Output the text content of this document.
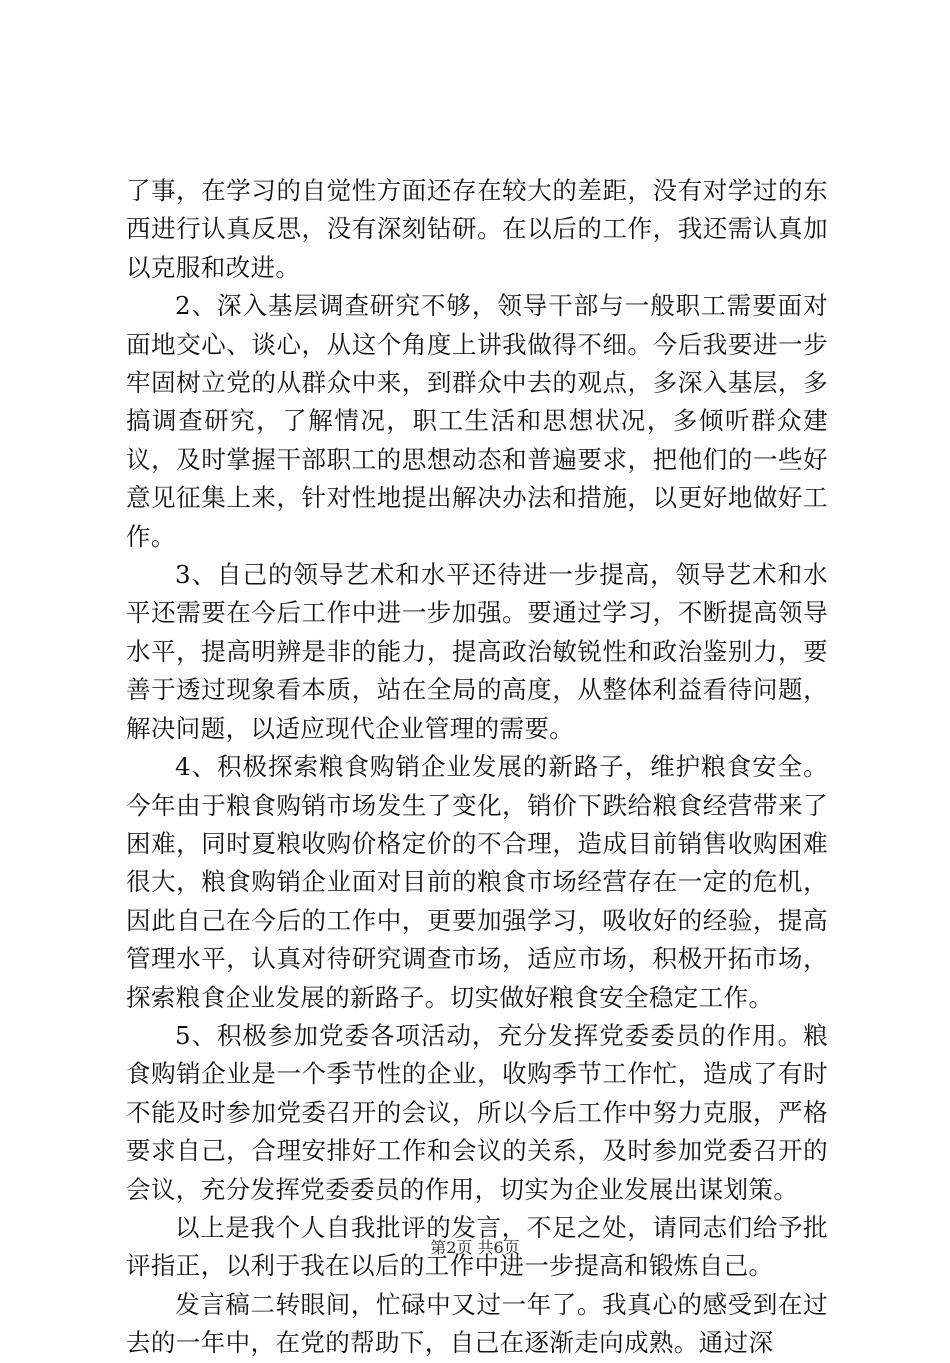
了事，在学习的自觉性方面还存在较大的差距，没有对学过的东西进行认真反思，没有深刻钻研。在以后的工作，我还需认真加以克服和改进。

2、深入基层调查研究不够，领导干部与一般职工需要面对面地交心、谈心，从这个角度上讲我做得不细。今后我要进一步牢固树立党的从群众中来，到群众中去的观点，多深入基层，多搞调查研究，了解情况，职工生活和思想状况，多倾听群众建议，及时掌握干部职工的思想动态和普遍要求，把他们的一些好意见征集上来，针对性地提出解决办法和措施，以更好地做好工作。

3、自己的领导艺术和水平还待进一步提高，领导艺术和水平还需要在今后工作中进一步加强。要通过学习，不断提高领导水平，提高明辨是非的能力，提高政治敏锐性和政治鉴别力，要善于透过现象看本质，站在全局的高度，从整体利益看待问题，解决问题，以适应现代企业管理的需要。

4、积极探索粮食购销企业发展的新路子，维护粮食安全。今年由于粮食购销市场发生了变化，销价下跌给粮食经营带来了困难，同时夏粮收购价格定价的不合理，造成目前销售收购困难很大，粮食购销企业面对目前的粮食市场经营存在一定的危机，因此自己在今后的工作中，更要加强学习，吸收好的经验，提高管理水平，认真对待研究调查市场，适应市场，积极开拓市场，探索粮食企业发展的新路子。切实做好粮食安全稳定工作。

5、积极参加党委各项活动，充分发挥党委委员的作用。粮食购销企业是一个季节性的企业，收购季节工作忙，造成了有时不能及时参加党委召开的会议，所以今后工作中努力克服，严格要求自己，合理安排好工作和会议的关系，及时参加党委召开的会议，充分发挥党委委员的作用，切实为企业发展出谋划策。

以上是我个人自我批评的发言，不足之处，请同志们给予批评指正，以利于我在以后的工作中进一步提高和锻炼自己。

发言稿二转眼间，忙碌中又过一年了。我真心的感受到在过去的一年中，在党的帮助下，自己在逐渐走向成熟。通过深

第2页 共6页
